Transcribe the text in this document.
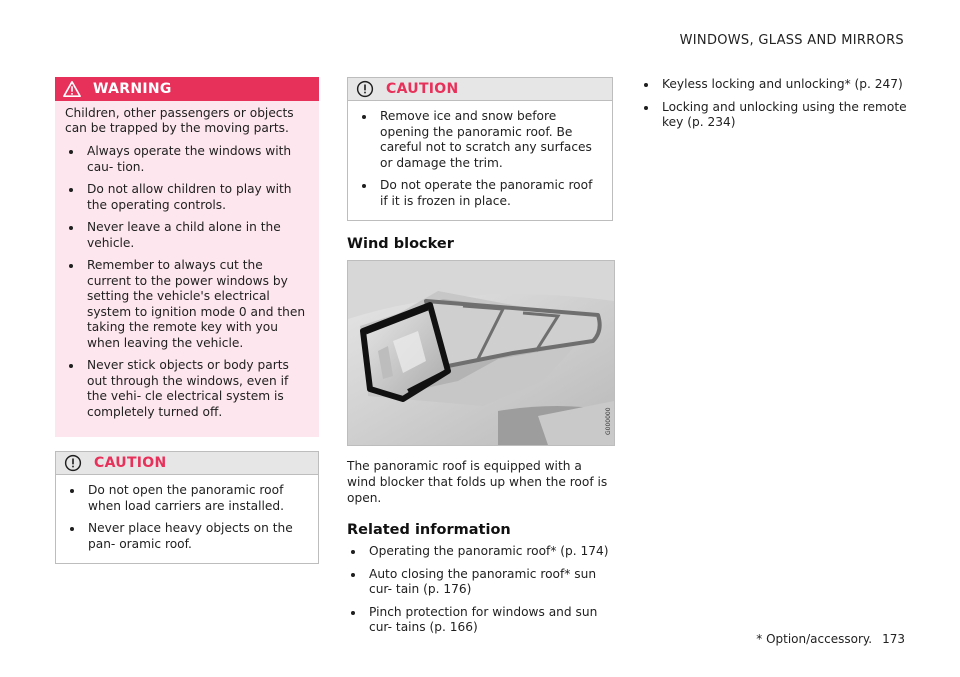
WINDOWS, GLASS AND MIRRORS
WARNING

Children, other passengers or objects can be trapped by the moving parts.

Always operate the windows with cau- tion.
Do not allow children to play with the operating controls.
Never leave a child alone in the vehicle.
Remember to always cut the current to the power windows by setting the vehicle's electrical system to ignition mode 0 and then taking the remote key with you when leaving the vehicle.
Never stick objects or body parts out through the windows, even if the vehi- cle electrical system is completely turned off.
CAUTION
Do not open the panoramic roof when load carriers are installed.
Never place heavy objects on the pan- oramic roof.
CAUTION
Remove ice and snow before opening the panoramic roof. Be careful not to scratch any surfaces or damage the trim.
Do not operate the panoramic roof if it is frozen in place.
Wind blocker
G000000

The panoramic roof is equipped with a wind blocker that folds up when the roof is open.

Related information
Operating the panoramic roof* (p. 174)
Auto closing the panoramic roof* sun cur- tain (p. 176)
Pinch protection for windows and sun cur- tains (p. 166)
Keyless locking and unlocking* (p. 247)
Locking and unlocking using the remote key (p. 234)
* Option/accessory. 173
